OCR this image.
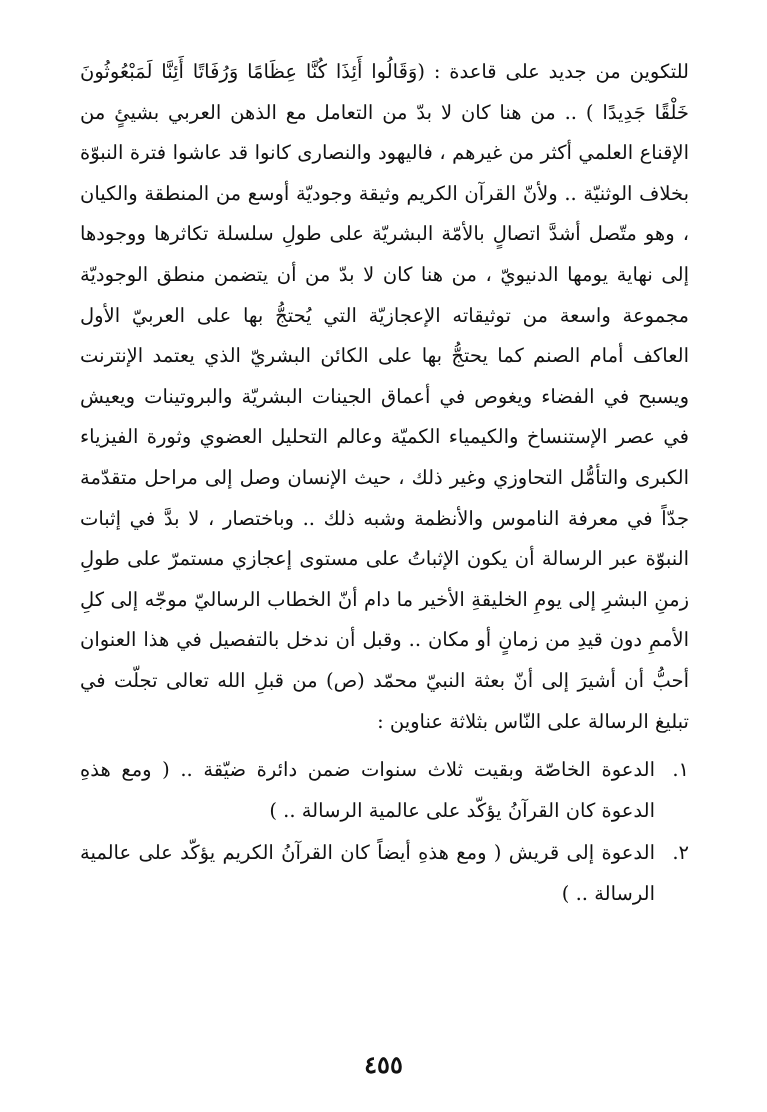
للتكوين من جديد على قاعدة : (وَقَالُوا أَئِذَا كُنَّا عِظَامًا وَرُفَاتًا أَئِنَّا لَمَبْعُوثُونَ خَلْقًا جَدِيدًا ) .. من هنا كان لا بدّ من التعامل مع الذهن العربي بشيئٍ من الإقناع العلمي أكثر من غيرهم ، فاليهود والنصارى كانوا قد عاشوا فترة النبوّة بخلاف الوثنيّة .. ولأنّ القرآن الكريم وثيقة وجوديّة أوسع من المنطقة والكيان ، وهو متّصل أشدَّ اتصالٍ بالأمّة البشريّة على طولِ سلسلة تكاثرها ووجودها إلى نهاية يومها الدنيويّ ، من هنا كان لا بدّ من أن يتضمن منطق الوجوديّة مجموعة واسعة من توثيقاته الإعجازيّة التي يُحتجُّ بها على العربيّ الأول العاكف أمام الصنم كما يحتجُّ بها على الكائن البشريّ الذي يعتمد الإنترنت ويسبح في الفضاء ويغوص في أعماق الجينات البشريّة والبروتينات ويعيش في عصر الإستنساخ والكيمياء الكميّة وعالم التحليل العضوي وثورة الفيزياء الكبرى والتأمُّل التحاوزي وغير ذلك ، حيث الإنسان وصل إلى مراحل متقدّمة جدّاً في معرفة الناموس والأنظمة وشبه ذلك .. وباختصار ، لا بدَّ في إثبات النبوّة عبر الرسالة أن يكون الإثباتُ على مستوى إعجازي مستمرّ على طولِ زمنِ البشرِ إلى يومِ الخليقةِ الأخير ما دام أنّ الخطاب الرساليّ موجّه إلى كلِ الأممِ دون قيدِ من زمانٍ أو مكان .. وقبل أن ندخل بالتفصيل في هذا العنوان أحبُّ أن أشيرَ إلى أنّ بعثة النبيّ محمّد (ص) من قبلِ الله تعالى تجلّت في تبليغ الرسالة على النّاس بثلاثة عناوين :

١.
الدعوة الخاصّة وبقيت ثلاث سنوات ضمن دائرة ضيّقة .. ( ومع هذهِ الدعوة كان القرآنُ يؤكّد على عالمية الرسالة .. )
٢.
الدعوة إلى قريش ( ومع هذهِ أيضاً كان القرآنُ الكريم يؤكّد على عالمية الرسالة .. )
٤٥٥
